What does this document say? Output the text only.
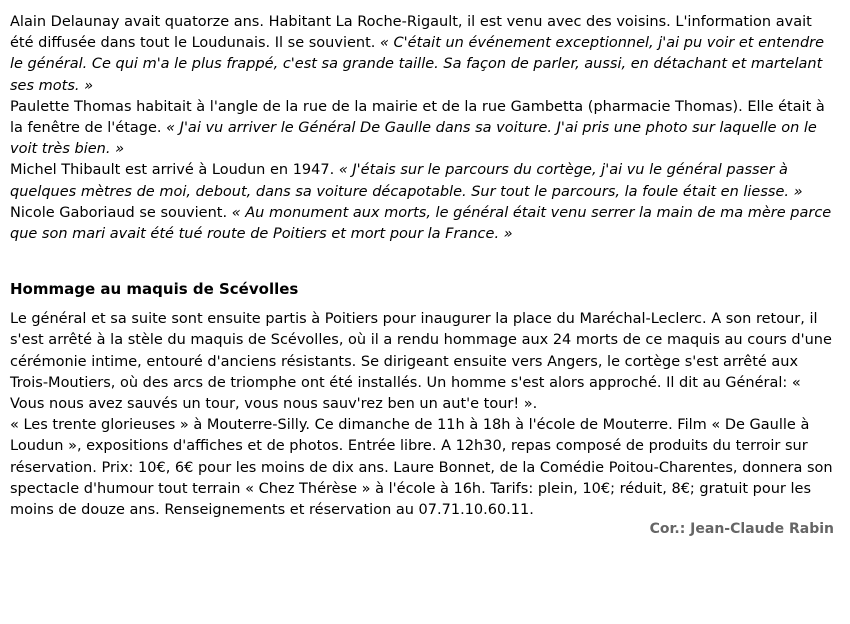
Alain Delaunay avait quatorze ans. Habitant La Roche-Rigault, il est venu avec des voisins. L'information avait été diffusée dans tout le Loudunais. Il se souvient. « C'était un événement exceptionnel, j'ai pu voir et entendre le général. Ce qui m'a le plus frappé, c'est sa grande taille. Sa façon de parler, aussi, en détachant et martelant ses mots. »

Paulette Thomas habitait à l'angle de la rue de la mairie et de la rue Gambetta (pharmacie Thomas). Elle était à la fenêtre de l'étage. « J'ai vu arriver le Général De Gaulle dans sa voiture. J'ai pris une photo sur laquelle on le voit très bien. »

Michel Thibault est arrivé à Loudun en 1947. « J'étais sur le parcours du cortège, j'ai vu le général passer à quelques mètres de moi, debout, dans sa voiture décapotable. Sur tout le parcours, la foule était en liesse. »

Nicole Gaboriaud se souvient. « Au monument aux morts, le général était venu serrer la main de ma mère parce que son mari avait été tué route de Poitiers et mort pour la France. »

Hommage au maquis de Scévolles

Le général et sa suite sont ensuite partis à Poitiers pour inaugurer la place du Maréchal-Leclerc. A son retour, il s'est arrêté à la stèle du maquis de Scévolles, où il a rendu hommage aux 24 morts de ce maquis au cours d'une cérémonie intime, entouré d'anciens résistants. Se dirigeant ensuite vers Angers, le cortège s'est arrêté aux Trois-Moutiers, où des arcs de triomphe ont été installés. Un homme s'est alors approché. Il dit au Général: « Vous nous avez sauvés un tour, vous nous sauv'rez ben un aut'e tour! ».

« Les trente glorieuses » à Mouterre-Silly. Ce dimanche de 11h à 18h à l'école de Mouterre. Film « De Gaulle à Loudun », expositions d'affiches et de photos. Entrée libre. A 12h30, repas composé de produits du terroir sur réservation. Prix: 10€, 6€ pour les moins de dix ans. Laure Bonnet, de la Comédie Poitou-Charentes, donnera son spectacle d'humour tout terrain « Chez Thérèse » à l'école à 16h. Tarifs: plein, 10€; réduit, 8€; gratuit pour les moins de douze ans. Renseignements et réservation au 07.71.10.60.11.

Cor.: Jean-Claude Rabin
